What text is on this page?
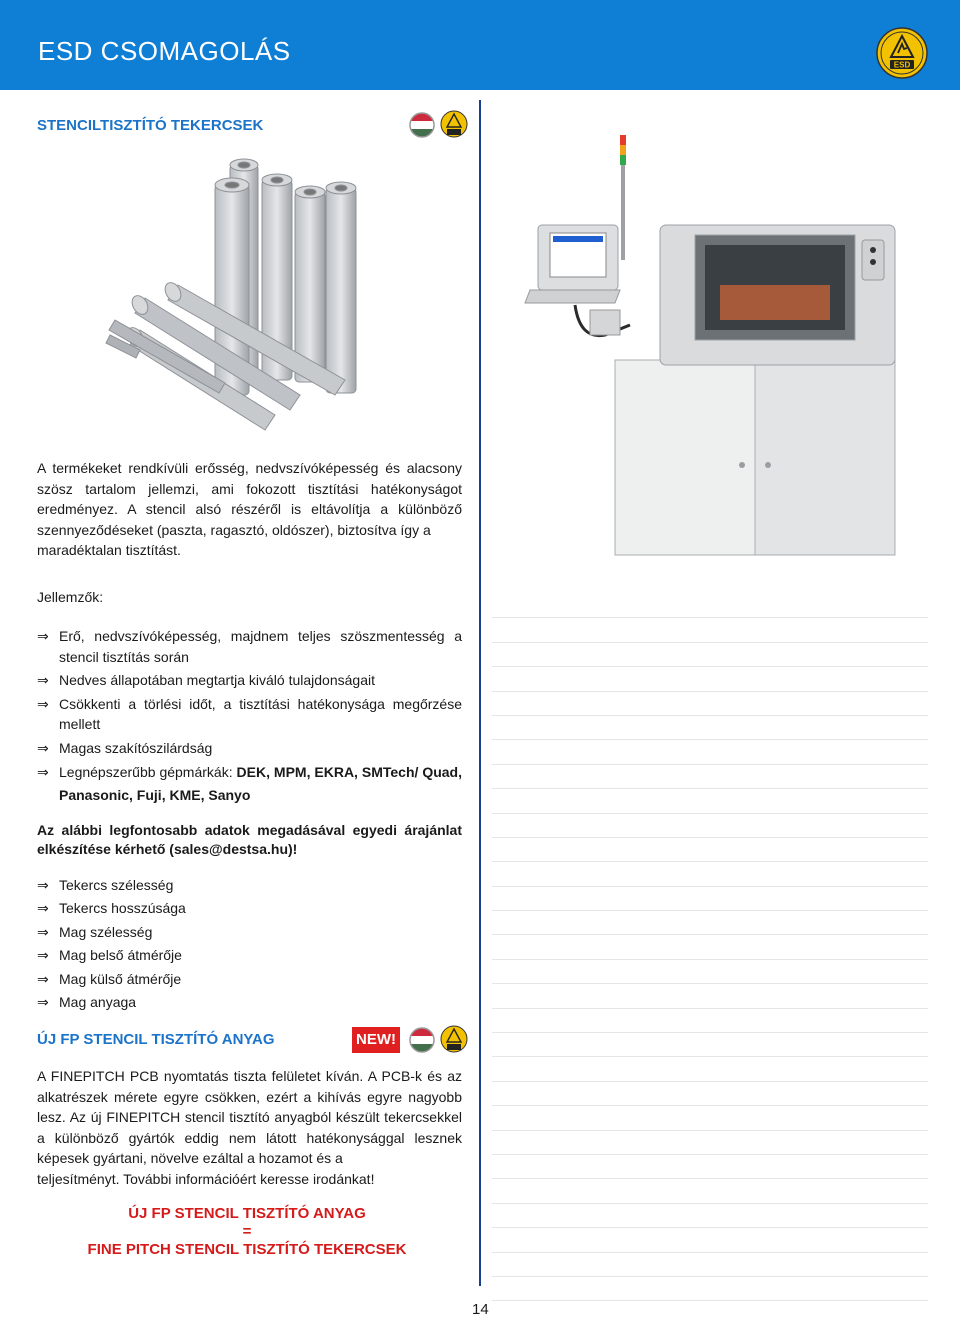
ESD CSOMAGOLÁS	ESD
STENCILTISZTÍTÓ TEKERCSEK
A termékeket rendkívüli erősség, nedvszívóképesség és alacsony szösz tartalom jellemzi, ami fokozott tisztítási hatékonyságot eredményez. A stencil alsó részéről is eltávolítja a különböző szennyeződéseket (paszta, ragasztó, oldószer), biztosítva így a
maradéktalan tisztítást.
Jellemzők:
⇒ Erő, nedvszívóképesség, majdnem teljes szöszmentesség a stencil tisztítás során
⇒ Nedves állapotában megtartja kiváló tulajdonságait
⇒ Csökkenti a törlési időt, a tisztítási hatékonysága megőrzése mellett
⇒ Magas szakítószilárdság
⇒ Legnépszerűbb gépmárkák: DEK, MPM, EKRA, SMTech/ Quad, Panasonic, Fuji, KME, Sanyo
Az alábbi legfontosabb adatok megadásával egyedi árajánlat elkészítése kérhető (sales@destsa.hu)!
⇒ Tekercs szélesség
⇒ Tekercs hosszúsága
⇒ Mag szélesség
⇒ Mag belső átmérője
⇒ Mag külső átmérője
⇒ Mag anyaga
ÚJ FP STENCIL TISZTÍTÓ ANYAG	NEW!
A FINEPITCH PCB nyomtatás tiszta felületet kíván. A PCB-k és az alkatrészek mérete egyre csökken, ezért a kihívás egyre nagyobb lesz. Az új FINEPITCH stencil tisztító anyagból készült tekercsekkel a különböző gyártók eddig nem látott hatékonysággal lesznek képesek gyártani, növelve ezáltal a hozamot és a
teljesítményt. További információért keresse irodánkat!
ÚJ FP STENCIL TISZTÍTÓ ANYAG
=
FINE PITCH STENCIL TISZTÍTÓ TEKERCSEK
14
